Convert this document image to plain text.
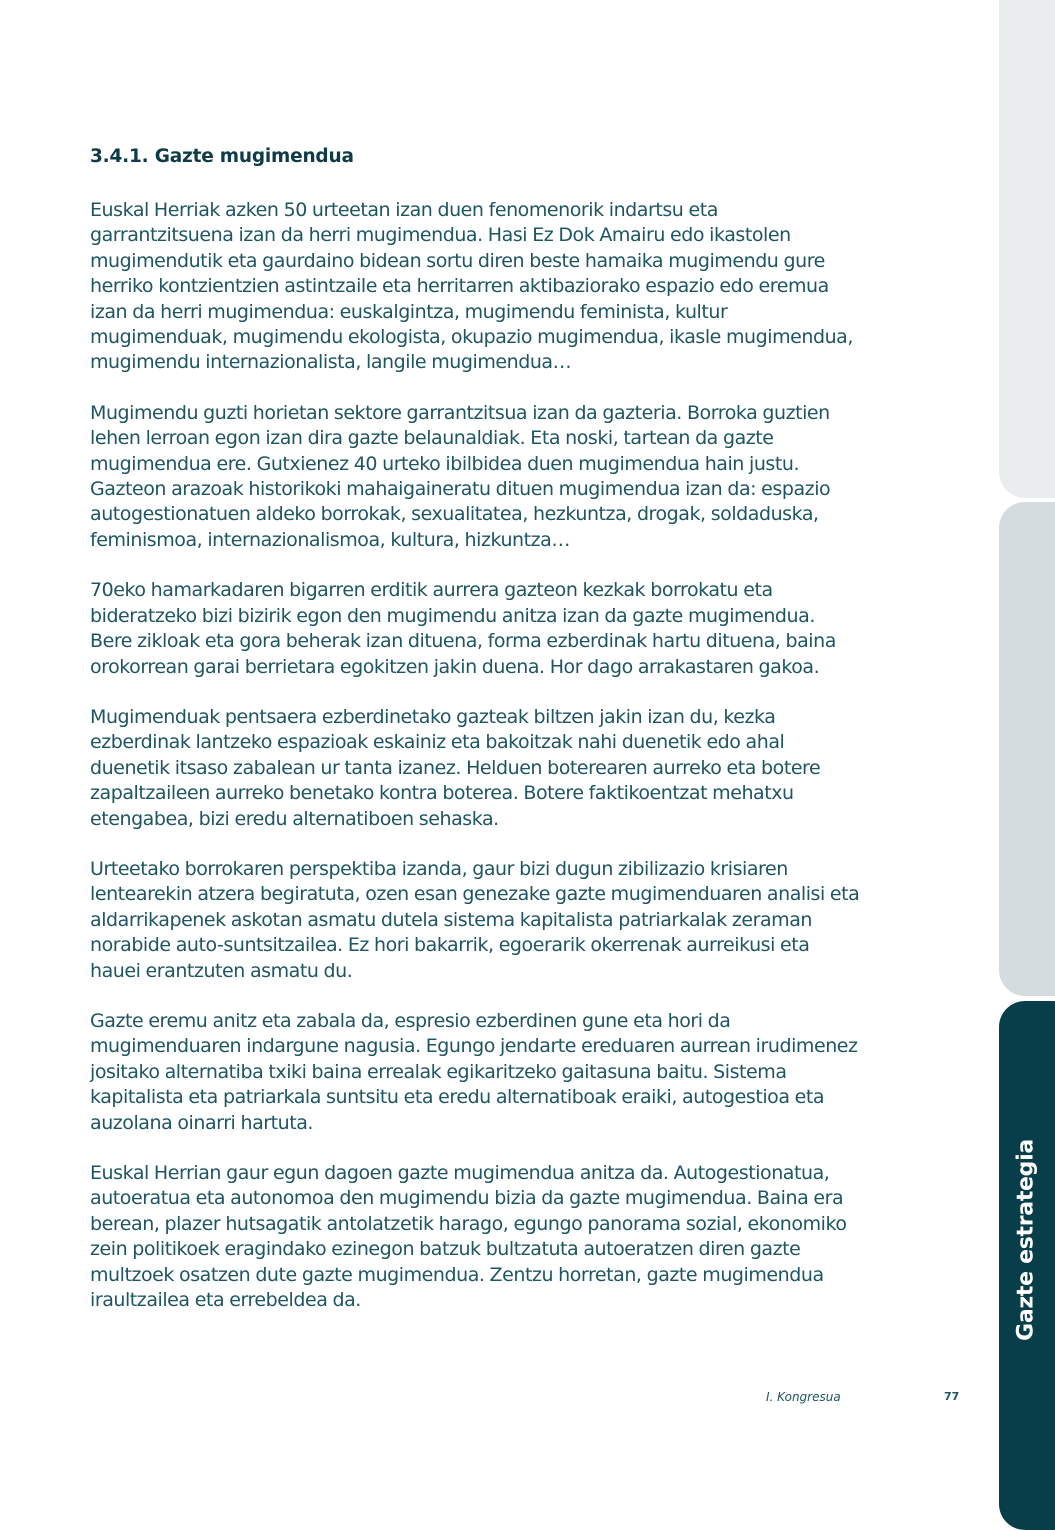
Gazte estrategia
3.4.1. Gazte mugimendua

Euskal Herriak azken 50 urteetan izan duen fenomenorik indartsu eta garrantzitsuena izan da herri mugimendua. Hasi Ez Dok Amairu edo ikastolen mugimendutik eta gaurdaino bidean sortu diren beste hamaika mugimendu gure herriko kontzientzien astintzaile eta herritarren aktibaziorako espazio edo eremua izan da herri mugimendua: euskalgintza, mugimendu feminista, kultur mugimenduak, mugimendu ekologista, okupazio mugimendua, ikasle mugimendua, mugimendu internazionalista, langile mugimendua…

Mugimendu guzti horietan sektore garrantzitsua izan da gazteria. Borroka guztien lehen lerroan egon izan dira gazte belaunaldiak. Eta noski, tartean da gazte mugimendua ere. Gutxienez 40 urteko ibilbidea duen mugimendua hain justu. Gazteon arazoak historikoki mahaigaineratu dituen mugimendua izan da: espazio autogestionatuen aldeko borrokak, sexualitatea, hezkuntza, drogak, soldaduska, feminismoa, internazionalismoa, kultura, hizkuntza…

70eko hamarkadaren bigarren erditik aurrera gazteon kezkak borrokatu eta bideratzeko bizi bizirik egon den mugimendu anitza izan da gazte mugimendua. Bere zikloak eta gora beherak izan dituena, forma ezberdinak hartu dituena, baina orokorrean garai berrietara egokitzen jakin duena. Hor dago arrakastaren gakoa.

Mugimenduak pentsaera ezberdinetako gazteak biltzen jakin izan du, kezka ezberdinak lantzeko espazioak eskainiz eta bakoitzak nahi duenetik edo ahal duenetik itsaso zabalean ur tanta izanez. Helduen boterearen aurreko eta botere zapaltzaileen aurreko benetako kontra boterea. Botere faktikoentzat mehatxu etengabea, bizi eredu alternatiboen sehaska.

Urteetako borrokaren perspektiba izanda, gaur bizi dugun zibilizazio krisiaren lentearekin atzera begiratuta, ozen esan genezake gazte mugimenduaren analisi eta aldarrikapenek askotan asmatu dutela sistema kapitalista patriarkalak zeraman norabide auto-suntsitzailea. Ez hori bakarrik, egoerarik okerrenak aurreikusi eta hauei erantzuten asmatu du.

Gazte eremu anitz eta zabala da, espresio ezberdinen gune eta hori da mugimenduaren indargune nagusia. Egungo jendarte ereduaren aurrean irudimenez jositako alternatiba txiki baina errealak egikaritzeko gaitasuna baitu. Sistema kapitalista eta patriarkala suntsitu eta eredu alternatiboak eraiki, autogestioa eta auzolana oinarri hartuta.

Euskal Herrian gaur egun dagoen gazte mugimendua anitza da. Autogestionatua, autoeratua eta autonomoa den mugimendu bizia da gazte mugimendua. Baina era berean, plazer hutsagatik antolatzetik harago, egungo panorama sozial, ekonomiko zein politikoek eragindako ezinegon batzuk bultzatuta autoeratzen diren gazte multzoek osatzen dute gazte mugimendua. Zentzu horretan, gazte mugimendua iraultzailea eta errebeldea da.

I. Kongresua	77
